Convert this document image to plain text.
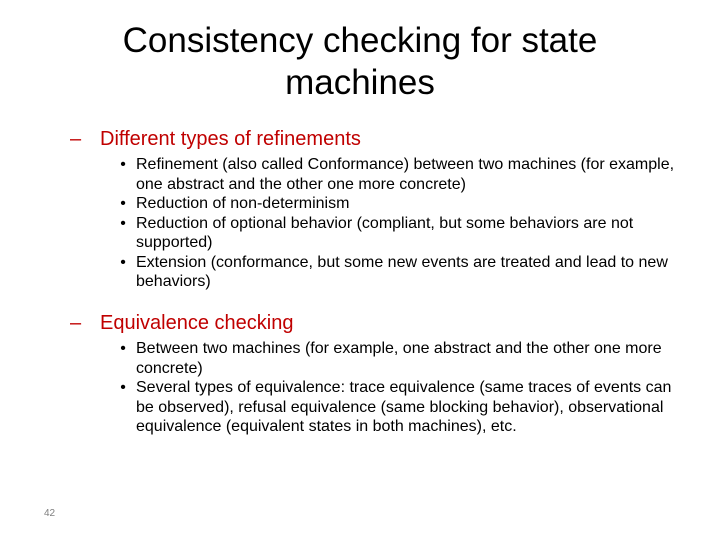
Consistency checking for state
machines
– Different types of refinements
• Refinement (also called Conformance) between two machines (for example, one abstract and the other one more concrete)
• Reduction of non-determinism
• Reduction of optional behavior (compliant, but some behaviors are not supported)
• Extension (conformance, but some new events are treated and lead to new behaviors)
– Equivalence checking
• Between two machines (for example, one abstract and the other one more concrete)
• Several types of equivalence: trace equivalence (same traces of events can be observed), refusal equivalence (same blocking behavior), observational equivalence (equivalent states in both machines), etc.
42
